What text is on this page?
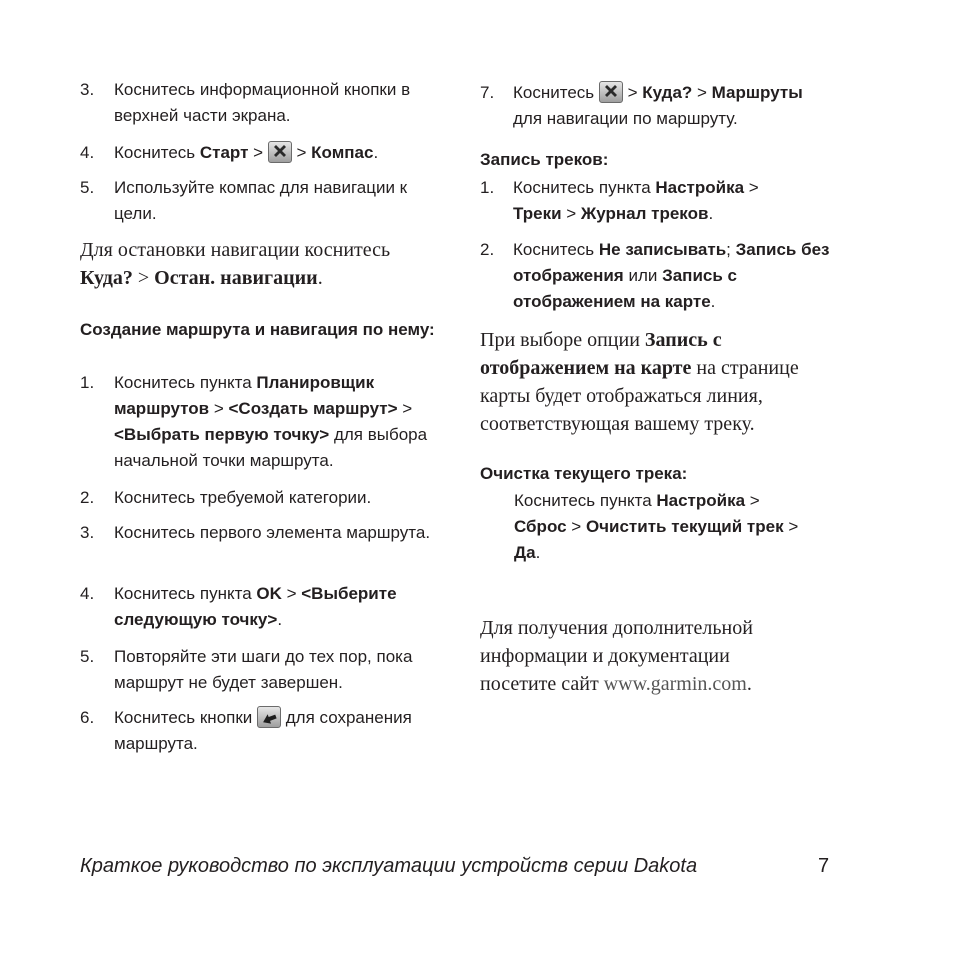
3. Коснитесь информационной кнопки в верхней части экрана.
4. Коснитесь Старт >
> Компас.
5. Используйте компас для навигации к цели.
Для остановки навигации коснитесь
Куда? > Остан. навигации.
Создание маршрута и навигация по нему:
1. Коснитесь пункта Планировщик маршрутов > <Создать маршрут> > <Выбрать первую точку> для выбора начальной точки маршрута.
2. Коснитесь требуемой категории.
3. Коснитесь первого элемента маршрута.
4. Коснитесь пункта OK > <Выберите следующую точку>.
5. Повторяйте эти шаги до тех пор, пока маршрут не будет завершен.
6. Коснитесь кнопки
для сохранения маршрута.
7. Коснитесь
> Куда? > Маршруты
для навигации по маршруту.
Запись треков:
1. Коснитесь пункта Настройка >
Треки > Журнал треков.
2. Коснитесь Не записывать; Запись без отображения или Запись с отображением на карте.
При выборе опции Запись с отображением на карте на странице карты будет отображаться линия, соответствующая вашему треку.
Очистка текущего трека:
Коснитесь пункта Настройка >
Сброс > Очистить текущий трек > Да.
Для получения дополнительной информации и документации посетите сайт www.garmin.com.
Краткое руководство по эксплуатации устройств серии Dakota	7
